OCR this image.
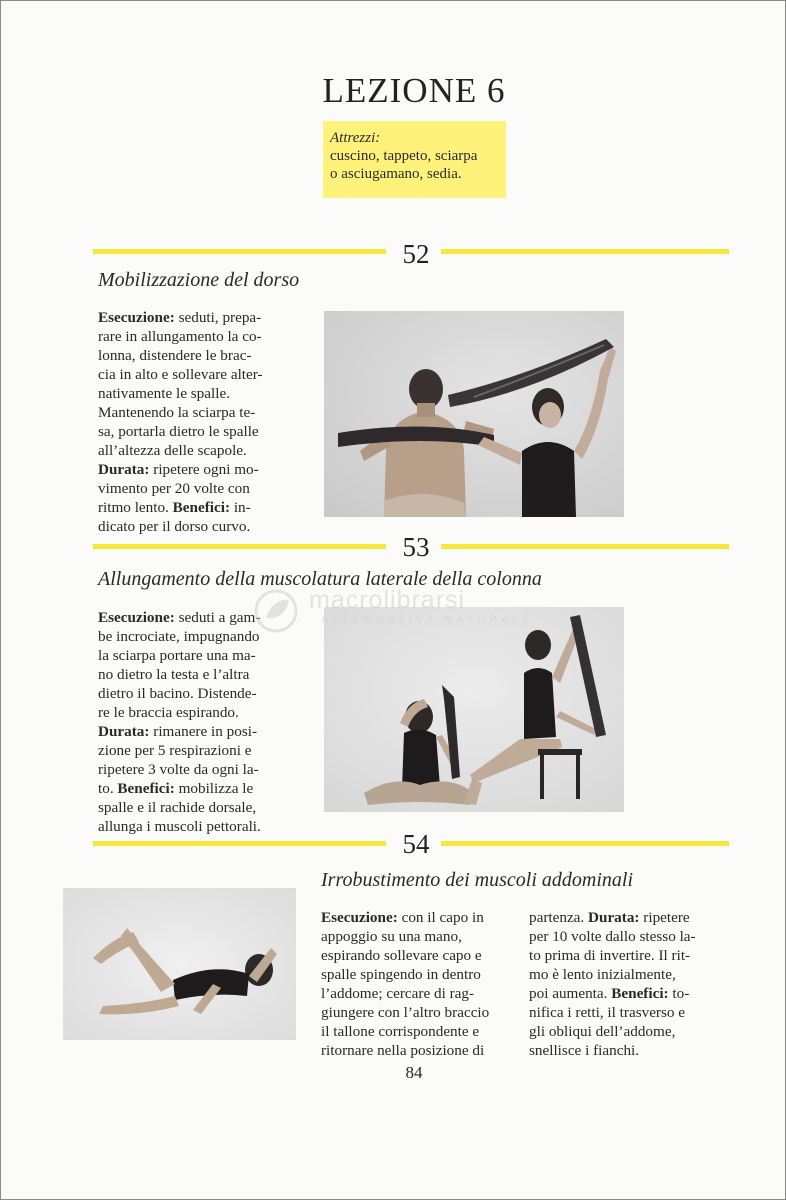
LEZIONE 6
Attrezzi:
cuscino, tappeto, sciarpa
o asciugamano, sedia.
52
Mobilizzazione del dorso
Esecuzione: seduti, prepa-
rare in allungamento la co-
lonna, distendere le brac-
cia in alto e sollevare alter-
nativamente le spalle.
Mantenendo la sciarpa te-
sa, portarla dietro le spalle
all’altezza delle scapole.
Durata: ripetere ogni mo-
vimento per 20 volte con
ritmo lento. Benefici: in-
dicato per il dorso curvo.
53
Allungamento della muscolatura laterale della colonna
Esecuzione: seduti a gam-
be incrociate, impugnando
la sciarpa portare una ma-
no dietro la testa e l’altra
dietro il bacino. Distende-
re le braccia espirando.
Durata: rimanere in posi-
zione per 5 respirazioni e
ripetere 3 volte da ogni la-
to. Benefici: mobilizza le
spalle e il rachide dorsale,
allunga i muscoli pettorali.
54
Irrobustimento dei muscoli addominali
Esecuzione: con il capo in
appoggio su una mano,
espirando sollevare capo e
spalle spingendo in dentro
l’addome; cercare di rag-
giungere con l’altro braccio
il tallone corrispondente e
ritornare nella posizione di
partenza. Durata: ripetere
per 10 volte dallo stesso la-
to prima di invertire. Il rit-
mo è lento inizialmente,
poi aumenta. Benefici: to-
nifica i retti, il trasverso e
gli obliqui dell’addome,
snellisce i fianchi.
macrolibrarsi
ALTERNATIVA NATURALE
84
